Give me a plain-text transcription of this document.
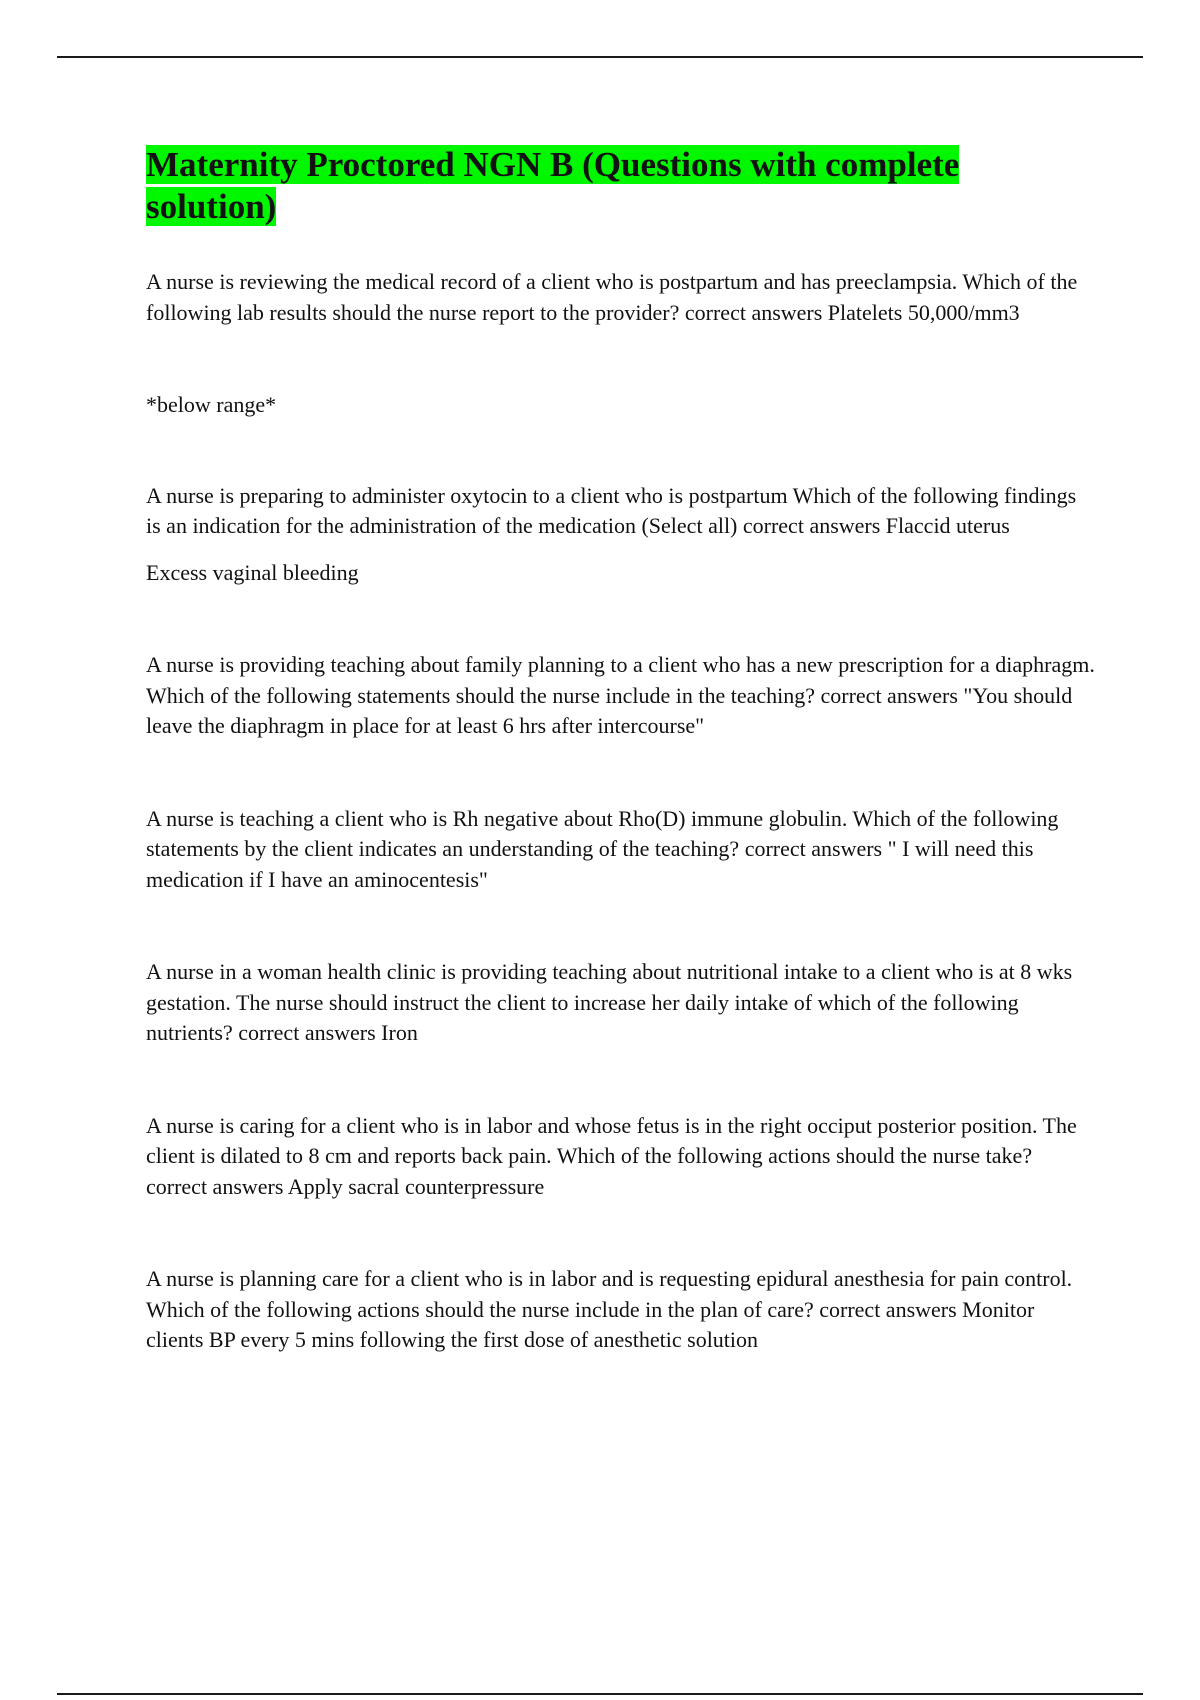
Maternity Proctored NGN B (Questions with complete solution)

A nurse is reviewing the medical record of a client who is postpartum and has preeclampsia. Which of the following lab results should the nurse report to the provider? correct answers Platelets 50,000/mm3

*below range*

A nurse is preparing to administer oxytocin to a client who is postpartum Which of the following findings is an indication for the administration of the medication (Select all) correct answers Flaccid uterus

Excess vaginal bleeding

A nurse is providing teaching about family planning to a client who has a new prescription for a diaphragm. Which of the following statements should the nurse include in the teaching? correct answers "You should leave the diaphragm in place for at least 6 hrs after intercourse"

A nurse is teaching a client who is Rh negative about Rho(D) immune globulin. Which of the following statements by the client indicates an understanding of the teaching? correct answers " I will need this medication if I have an aminocentesis"

A nurse in a woman health clinic is providing teaching about nutritional intake to a client who is at 8 wks gestation. The nurse should instruct the client to increase her daily intake of which of the following nutrients? correct answers Iron

A nurse is caring for a client who is in labor and whose fetus is in the right occiput posterior position. The client is dilated to 8 cm and reports back pain. Which of the following actions should the nurse take? correct answers Apply sacral counterpressure

A nurse is planning care for a client who is in labor and is requesting epidural anesthesia for pain control. Which of the following actions should the nurse include in the plan of care? correct answers Monitor clients BP every 5 mins following the first dose of anesthetic solution
